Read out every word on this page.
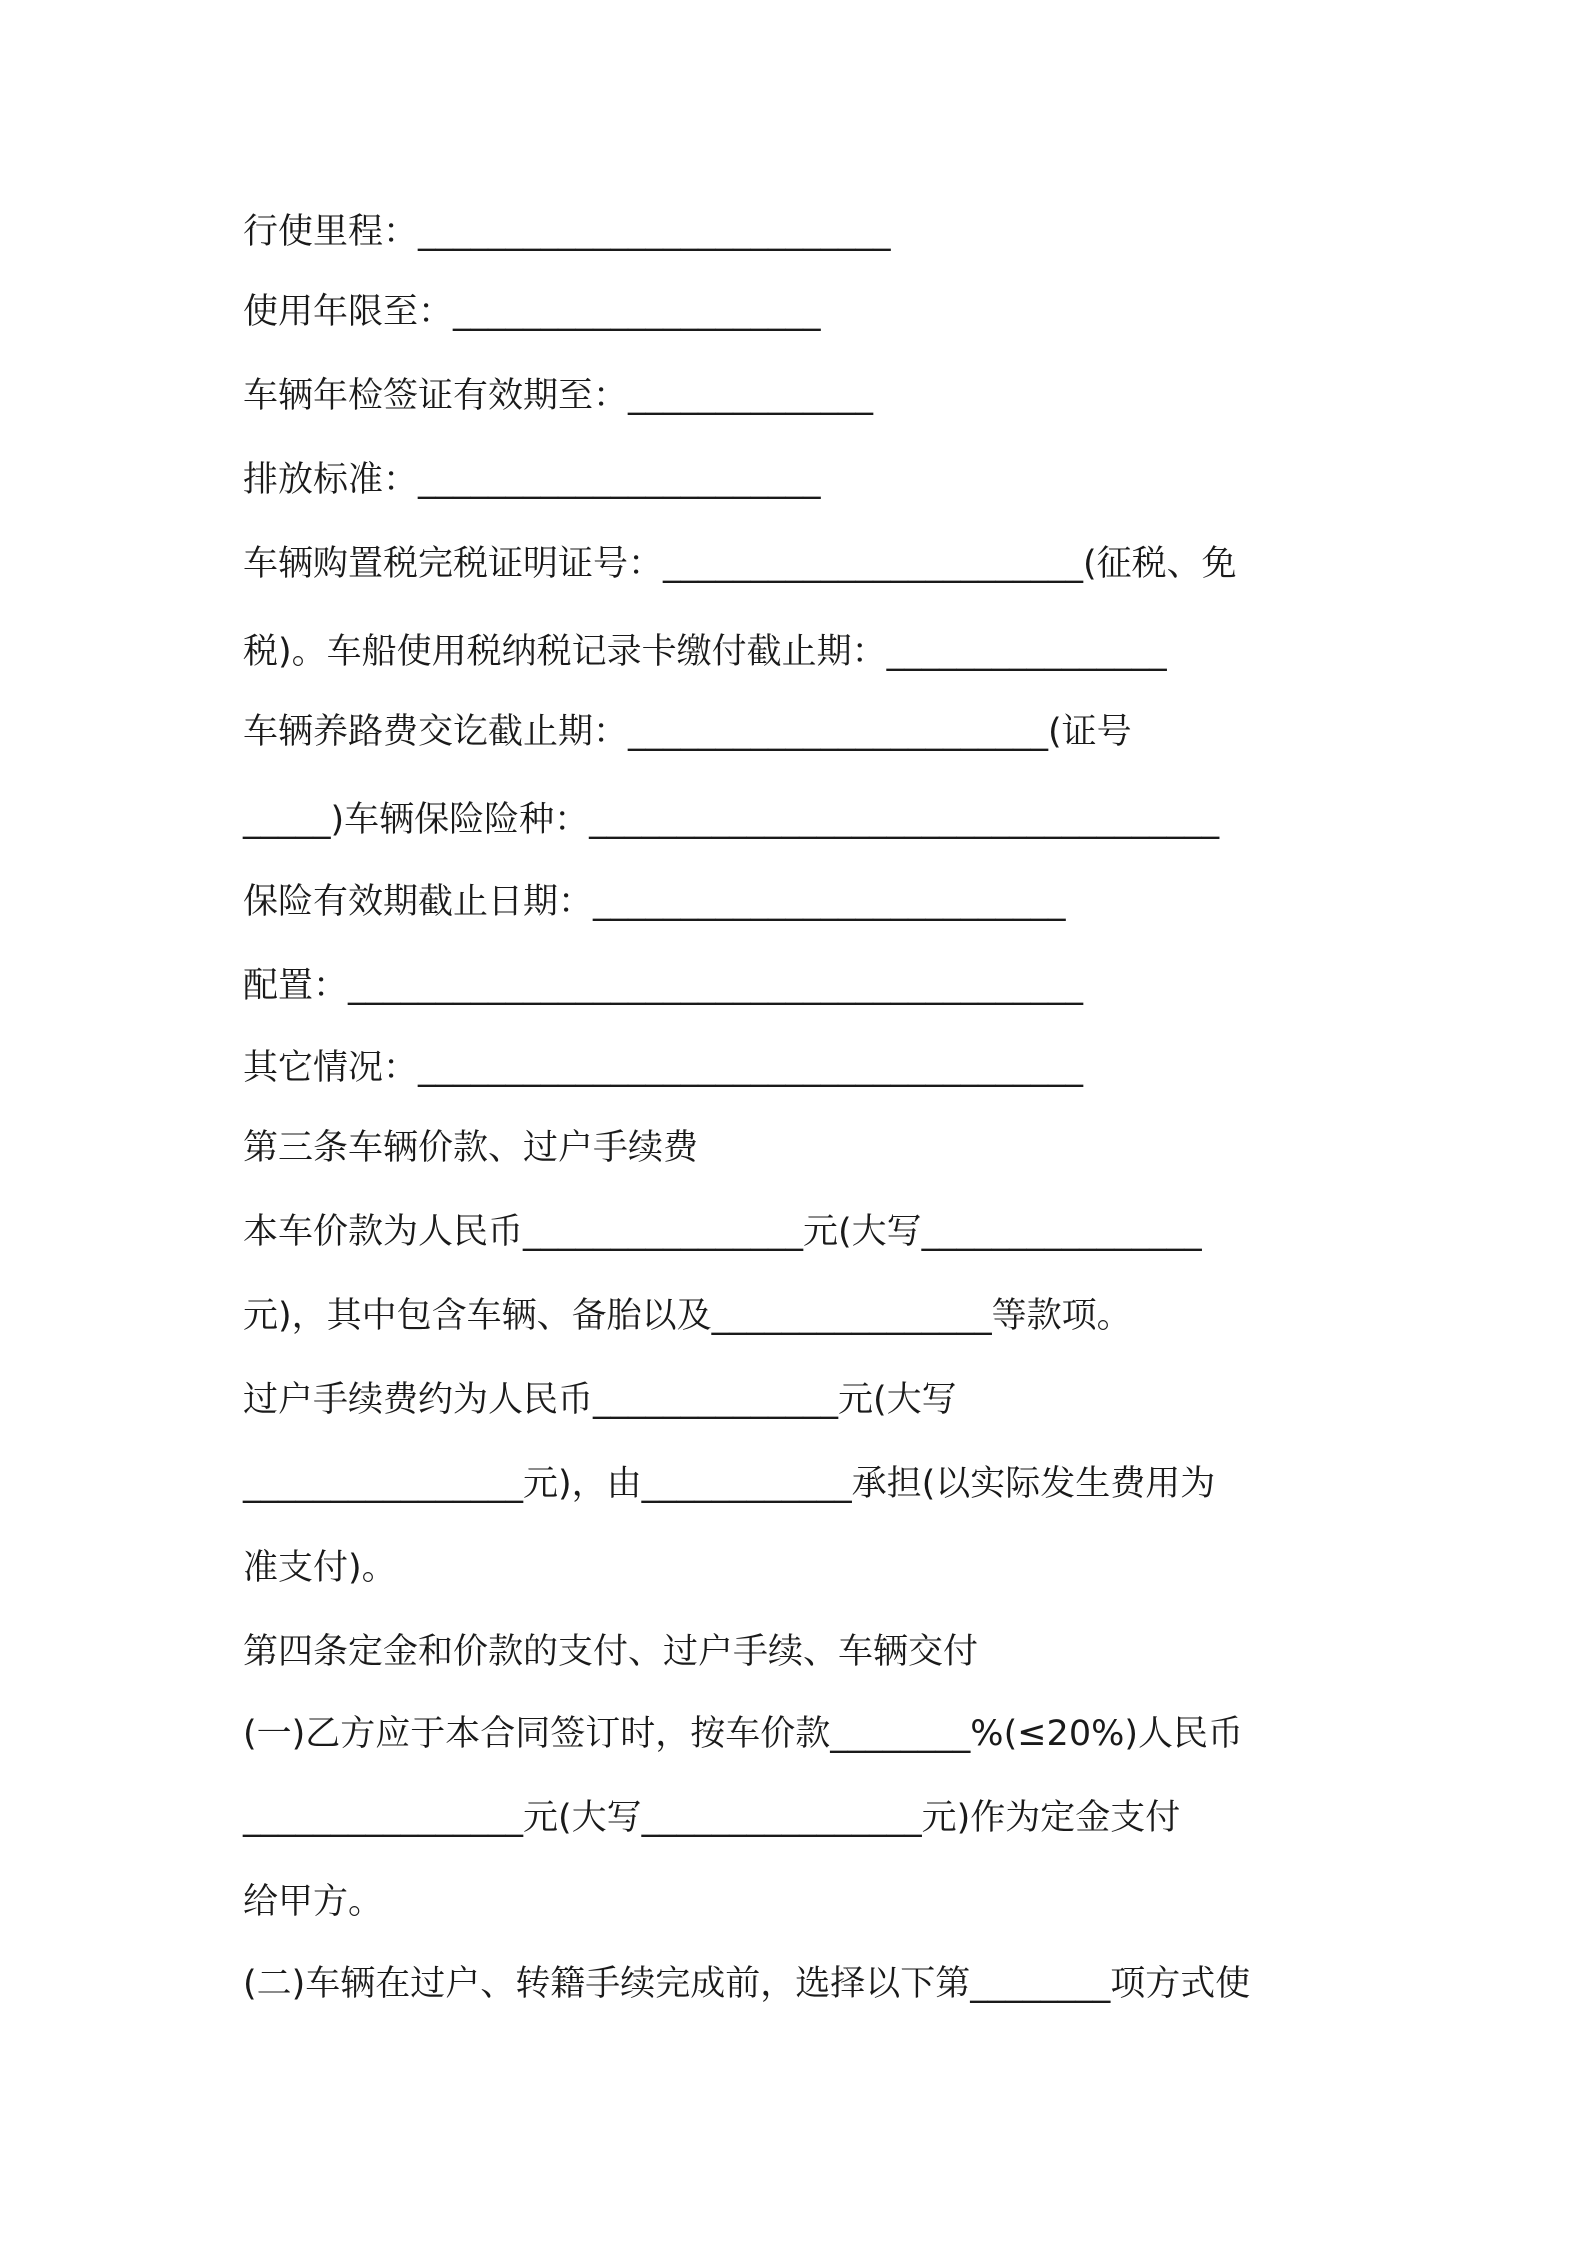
行使里程：___________________________
使用年限至：_____________________
车辆年检签证有效期至：______________
排放标准：_______________________
车辆购置税完税证明证号：________________________(征税、免
税)。车船使用税纳税记录卡缴付截止期：________________
车辆养路费交讫截止期：________________________(证号
_____)车辆保险险种：____________________________________
保险有效期截止日期：___________________________
配置：__________________________________________
其它情况：______________________________________
第三条车辆价款、过户手续费
本车价款为人民币________________元(大写________________
元)，其中包含车辆、备胎以及________________等款项。
过户手续费约为人民币______________元(大写
________________元)，由____________承担(以实际发生费用为
准支付)。
第四条定金和价款的支付、过户手续、车辆交付
(一)乙方应于本合同签订时，按车价款________%(≤20%)人民币
________________元(大写________________元)作为定金支付
给甲方。
(二)车辆在过户、转籍手续完成前，选择以下第________项方式使
